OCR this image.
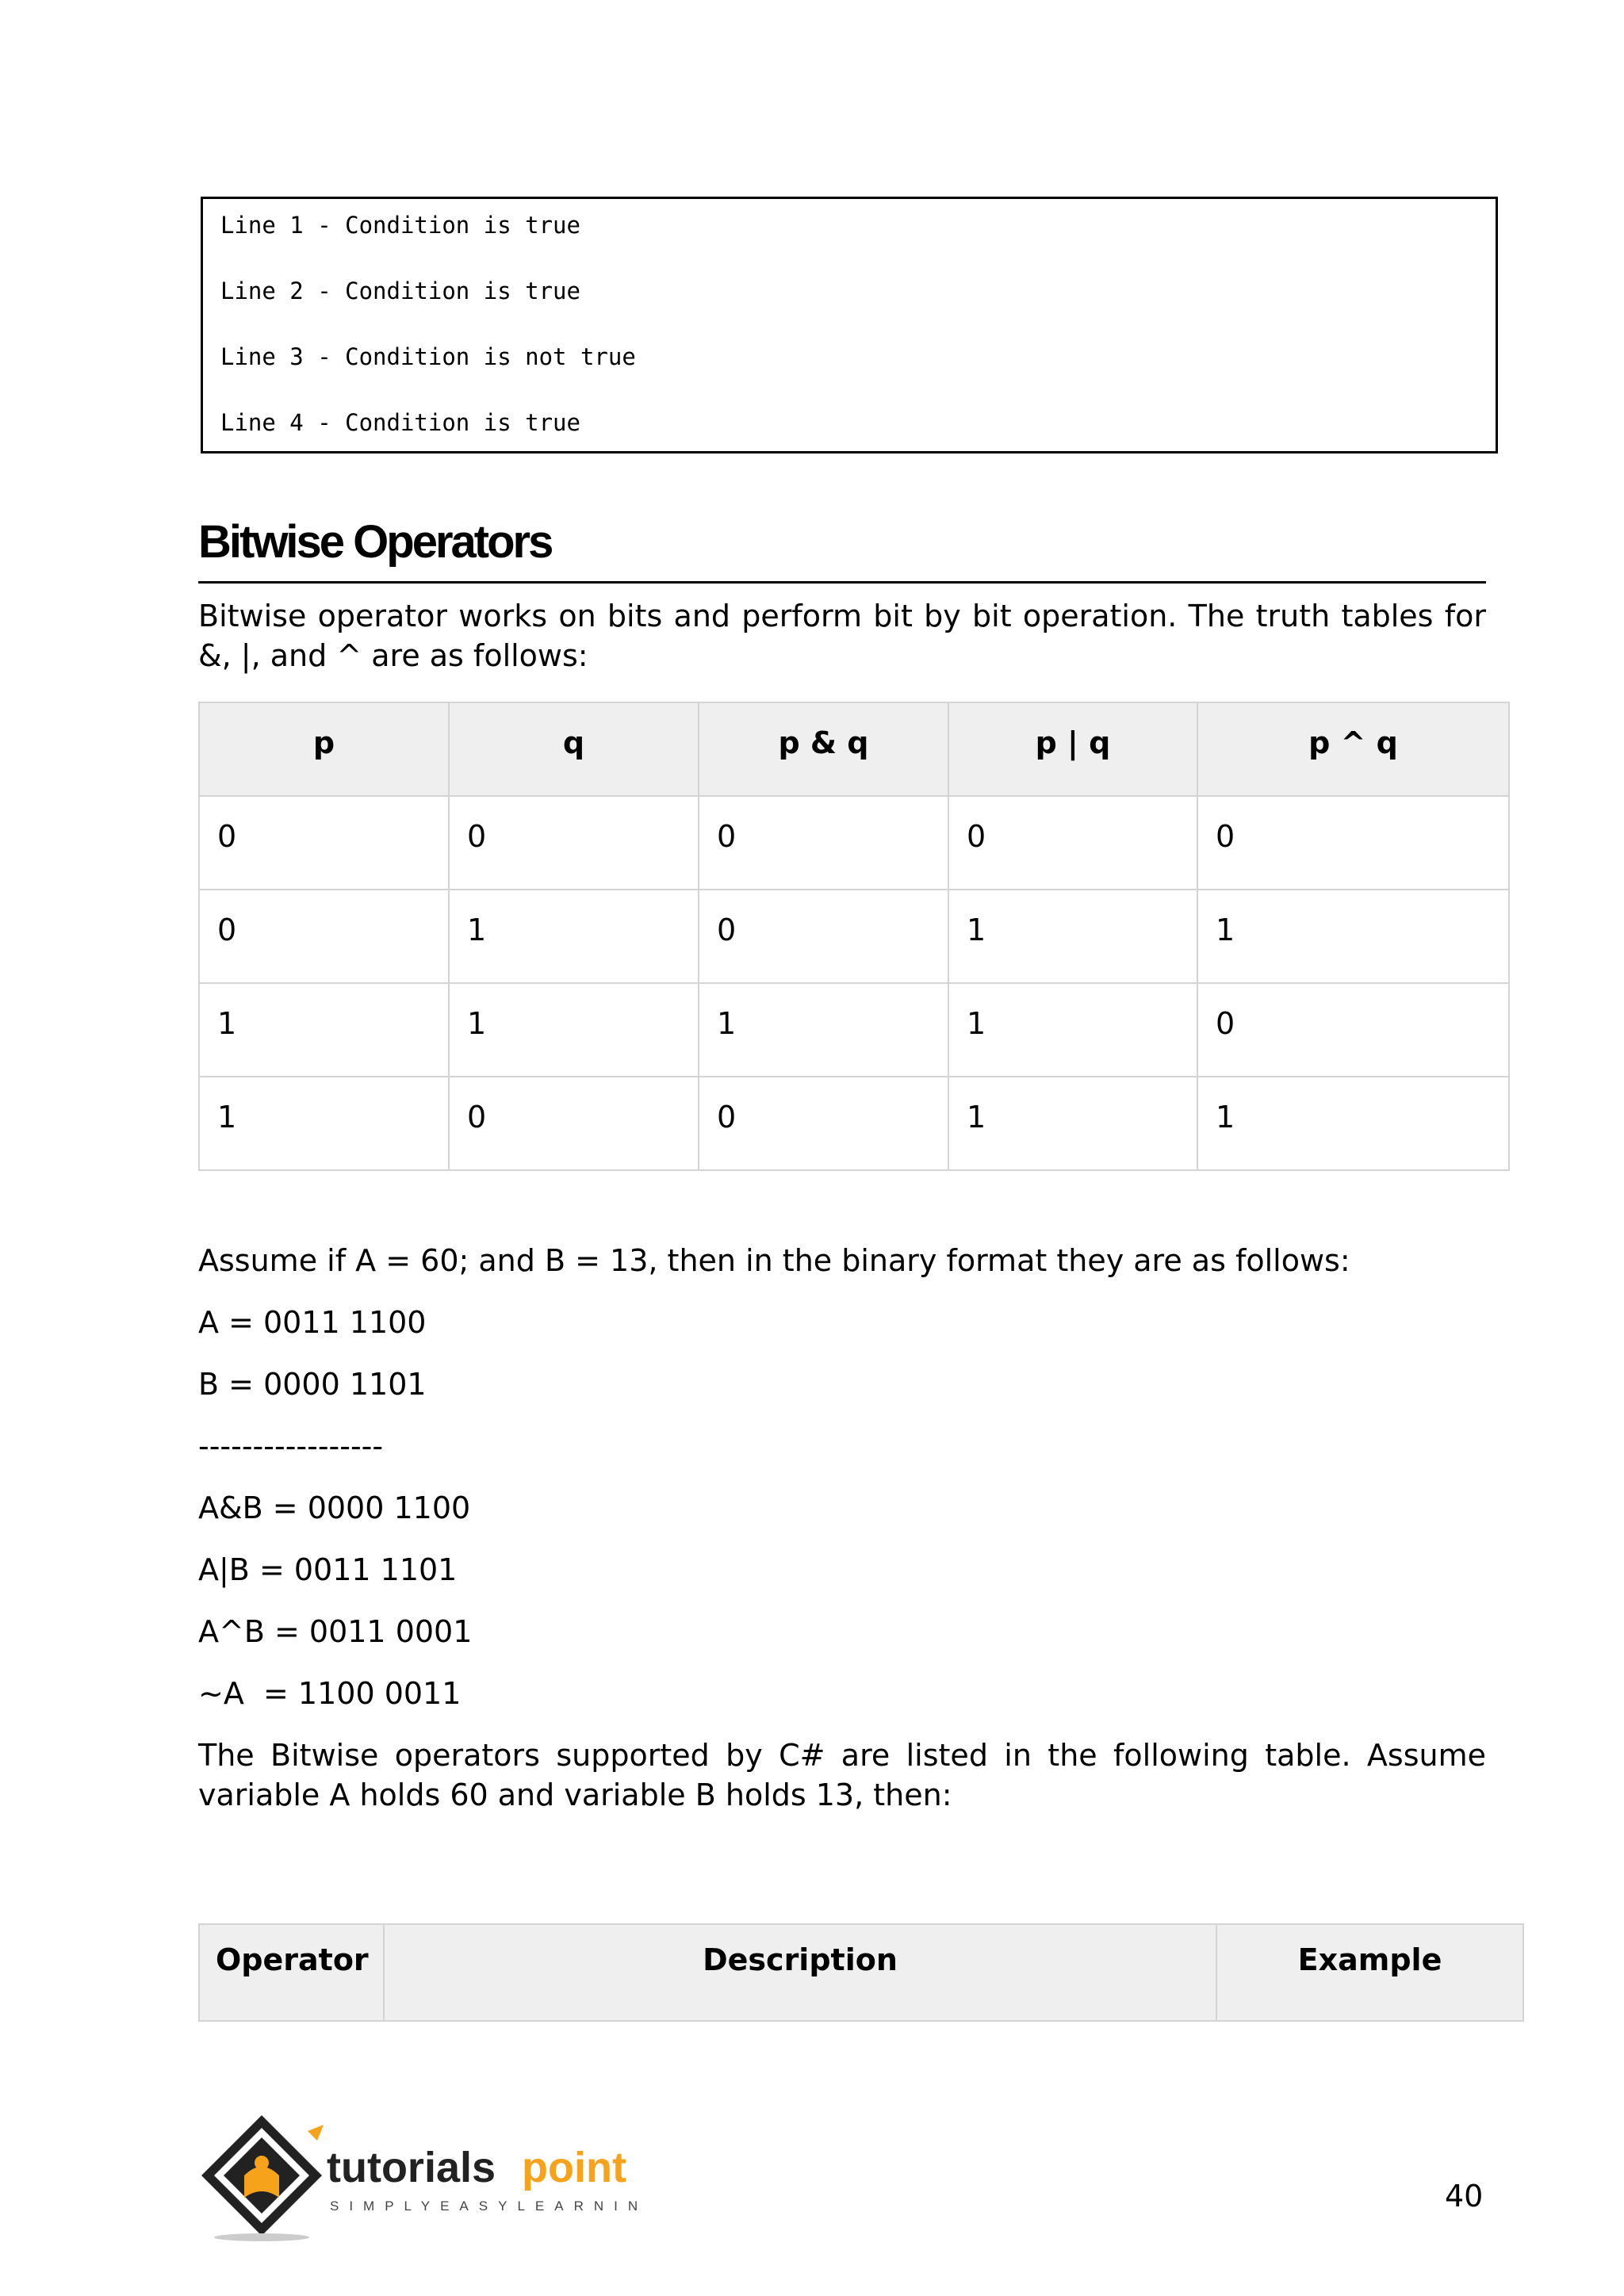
Line 1 - Condition is true
Line 2 - Condition is true
Line 3 - Condition is not true
Line 4 - Condition is true
Bitwise Operators
Bitwise operator works on bits and perform bit by bit operation. The truth tables for &, |, and ^ are as follows:
p	q	p & q	p | q	p ^ q
0	0	0	0	0
0	1	0	1	1
1	1	1	1	0
1	0	0	1	1
Assume if A = 60; and B = 13, then in the binary format they are as follows:
A = 0011 1100
B = 0000 1101
-----------------
A&B = 0000 1100
A|B = 0011 1101
A^B = 0011 0001
~A  = 1100 0011
The Bitwise operators supported by C# are listed in the following table. Assume variable A holds 60 and variable B holds 13, then:
Operator	Description	Example
tutorials point
SIMPLYEASYLEARNING	40
